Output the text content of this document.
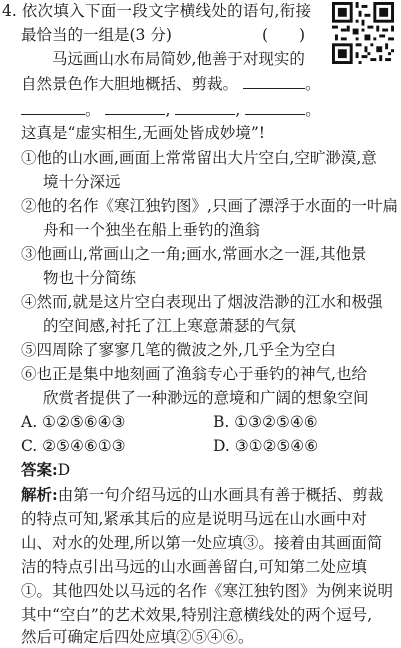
4. 依次填入下面一段文字横线处的语句,衔接
最恰当的一组是(3 分)	(　　)
马远画山水布局简妙,他善于对现实的
自然景色作大胆地概括、剪裁。	。
。	,	,	。
这真是“虚实相生,无画处皆成妙境”!
①他的山水画,画面上常常留出大片空白,空旷渺漠,意
境十分深远
②他的名作《寒江独钓图》,只画了漂浮于水面的一叶扁
舟和一个独坐在船上垂钓的渔翁
③他画山,常画山之一角;画水,常画水之一涯,其他景
物也十分简练
④然而,就是这片空白表现出了烟波浩渺的江水和极强
的空间感,衬托了江上寒意萧瑟的气氛
⑤四周除了寥寥几笔的微波之外,几乎全为空白
⑥也正是集中地刻画了渔翁专心于垂钓的神气,也给
欣赏者提供了一种渺远的意境和广阔的想象空间
A. ①②⑤⑥④③	B. ①③②⑤④⑥
C. ②⑤④⑥①③	D. ③①②⑤④⑥
答案:D
解析:由第一句介绍马远的山水画具有善于概括、剪裁
的特点可知,紧承其后的应是说明马远在山水画中对
山、对水的处理,所以第一处应填③。接着由其画面简
洁的特点引出马远的山水画善留白,可知第二处应填
①。其他四处以马远的名作《寒江独钓图》为例来说明
其中“空白”的艺术效果,特别注意横线处的两个逗号,
然后可确定后四处应填②⑤④⑥。
